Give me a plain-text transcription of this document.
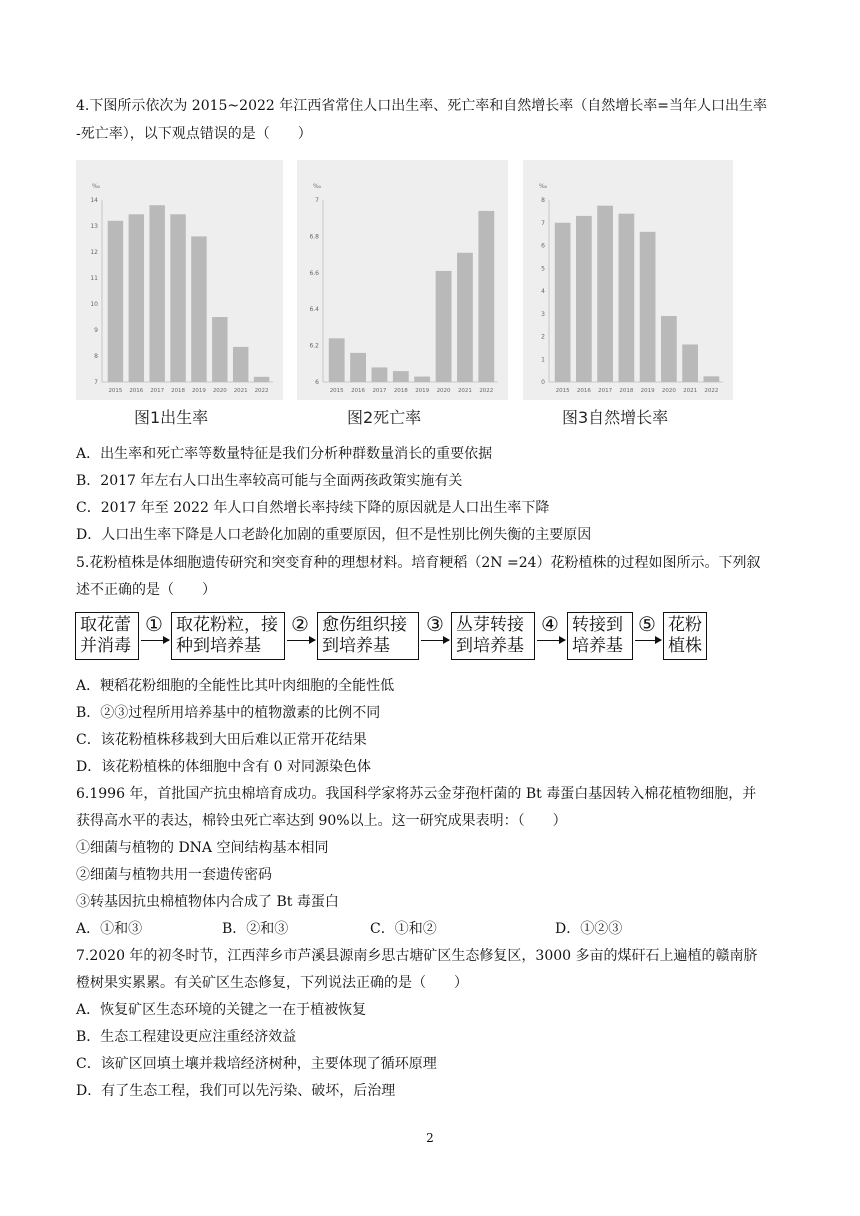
4.下图所示依次为 2015~2022 年江西省常住人口出生率、死亡率和自然增长率（自然增长率=当年人口出生率
-死亡率），以下观点错误的是（　　）
‰
7
8
9
10
11
12
13
14
2015 2016 2017 2018 2019 2020 2021 2022
‰
6
6.2
6.4
6.6
6.8
7
2015 2016 2017 2018 2019 2020 2021 2022
‰
0
1
2
3
4
5
6
7
8
2015 2016 2017 2018 2019 2020 2021 2022
图1出生率	图2死亡率	图3自然增长率
A．出生率和死亡率等数量特征是我们分析种群数量消长的重要依据
B．2017 年左右人口出生率较高可能与全面两孩政策实施有关
C．2017 年至 2022 年人口自然增长率持续下降的原因就是人口出生率下降
D．人口出生率下降是人口老龄化加剧的重要原因，但不是性别比例失衡的主要原因
5.花粉植株是体细胞遗传研究和突变育种的理想材料。培育粳稻（2N =24）花粉植株的过程如图所示。下列叙
述不正确的是（　　）
取花蕾
并消毒
① 取花粉粒，接
种到培养基
② 愈伤组织接
到培养基
③ 丛芽转接
到培养基
④ 转接到
培养基
⑤ 花粉
植株
A．粳稻花粉细胞的全能性比其叶肉细胞的全能性低
B．②③过程所用培养基中的植物激素的比例不同
C．该花粉植株移栽到大田后难以正常开花结果
D．该花粉植株的体细胞中含有 0 对同源染色体
6.1996 年，首批国产抗虫棉培育成功。我国科学家将苏云金芽孢杆菌的 Bt 毒蛋白基因转入棉花植物细胞，并
获得高水平的表达，棉铃虫死亡率达到 90%以上。这一研究成果表明：（　　）
①细菌与植物的 DNA 空间结构基本相同
②细菌与植物共用一套遗传密码
③转基因抗虫棉植物体内合成了 Bt 毒蛋白
A．①和③	B．②和③	C．①和②	D．①②③
7.2020 年的初冬时节，江西萍乡市芦溪县源南乡思古塘矿区生态修复区，3000 多亩的煤矸石上遍植的赣南脐
橙树果实累累。有关矿区生态修复，下列说法正确的是（　　）
A．恢复矿区生态环境的关键之一在于植被恢复
B．生态工程建设更应注重经济效益
C．该矿区回填土壤并栽培经济树种，主要体现了循环原理
D．有了生态工程，我们可以先污染、破坏，后治理
2
